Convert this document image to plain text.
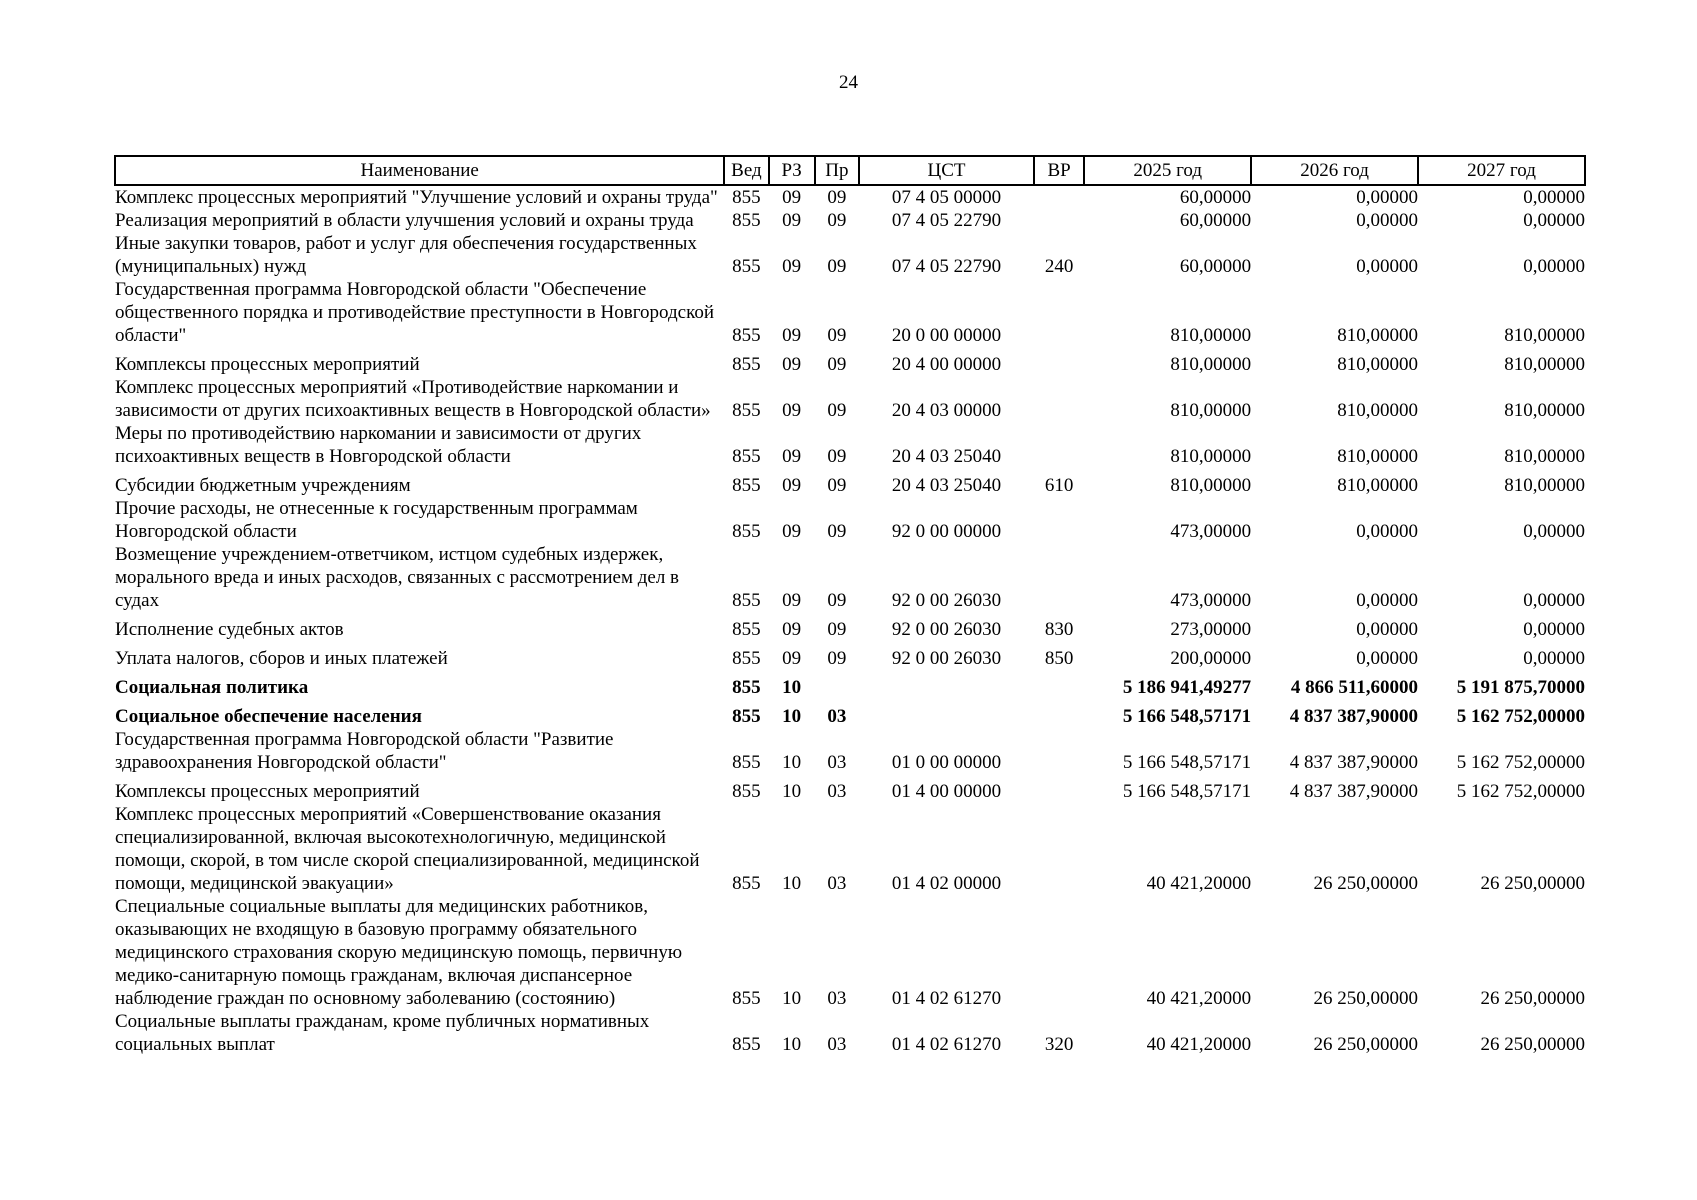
24
Наименование	Вед	РЗ	Пр	ЦСТ	ВР	2025 год	2026 год	2027 год
Комплекс процессных мероприятий "Улучшение условий и охраны труда"	855	09	09	07 4 05 00000		60,00000	0,00000	0,00000
Реализация мероприятий в области улучшения условий и охраны труда	855	09	09	07 4 05 22790		60,00000	0,00000	0,00000
Иные закупки товаров, работ и услуг для обеспечения государственных (муниципальных) нужд	855	09	09	07 4 05 22790	240	60,00000	0,00000	0,00000
Государственная программа Новгородской области "Обеспечение общественного порядка и противодействие преступности в Новгородской области"	855	09	09	20 0 00 00000		810,00000	810,00000	810,00000
Комплексы процессных мероприятий	855	09	09	20 4 00 00000		810,00000	810,00000	810,00000
Комплекс процессных мероприятий «Противодействие наркомании и зависимости от других психоактивных веществ в Новгородской области»	855	09	09	20 4 03 00000		810,00000	810,00000	810,00000
Меры по противодействию наркомании и зависимости от других психоактивных веществ в Новгородской области	855	09	09	20 4 03 25040		810,00000	810,00000	810,00000
Субсидии бюджетным учреждениям	855	09	09	20 4 03 25040	610	810,00000	810,00000	810,00000
Прочие расходы, не отнесенные к государственным программам Новгородской области	855	09	09	92 0 00 00000		473,00000	0,00000	0,00000
Возмещение учреждением-ответчиком, истцом судебных издержек, морального вреда и иных расходов, связанных с рассмотрением дел в судах	855	09	09	92 0 00 26030		473,00000	0,00000	0,00000
Исполнение судебных актов	855	09	09	92 0 00 26030	830	273,00000	0,00000	0,00000
Уплата налогов, сборов и иных платежей	855	09	09	92 0 00 26030	850	200,00000	0,00000	0,00000
Социальная политика	855	10				5 186 941,49277	4 866 511,60000	5 191 875,70000
Социальное обеспечение населения	855	10	03			5 166 548,57171	4 837 387,90000	5 162 752,00000
Государственная программа Новгородской области "Развитие здравоохранения Новгородской области"	855	10	03	01 0 00 00000		5 166 548,57171	4 837 387,90000	5 162 752,00000
Комплексы процессных мероприятий	855	10	03	01 4 00 00000		5 166 548,57171	4 837 387,90000	5 162 752,00000
Комплекс процессных мероприятий «Совершенствование оказания специализированной, включая высокотехнологичную, медицинской помощи, скорой, в том числе скорой специализированной, медицинской помощи, медицинской эвакуации»	855	10	03	01 4 02 00000		40 421,20000	26 250,00000	26 250,00000
Специальные социальные выплаты для медицинских работников, оказывающих не входящую в базовую программу обязательного медицинского страхования скорую медицинскую помощь, первичную медико-санитарную помощь гражданам, включая диспансерное наблюдение граждан по основному заболеванию (состоянию)	855	10	03	01 4 02 61270		40 421,20000	26 250,00000	26 250,00000
Социальные выплаты гражданам, кроме публичных нормативных социальных выплат	855	10	03	01 4 02 61270	320	40 421,20000	26 250,00000	26 250,00000
